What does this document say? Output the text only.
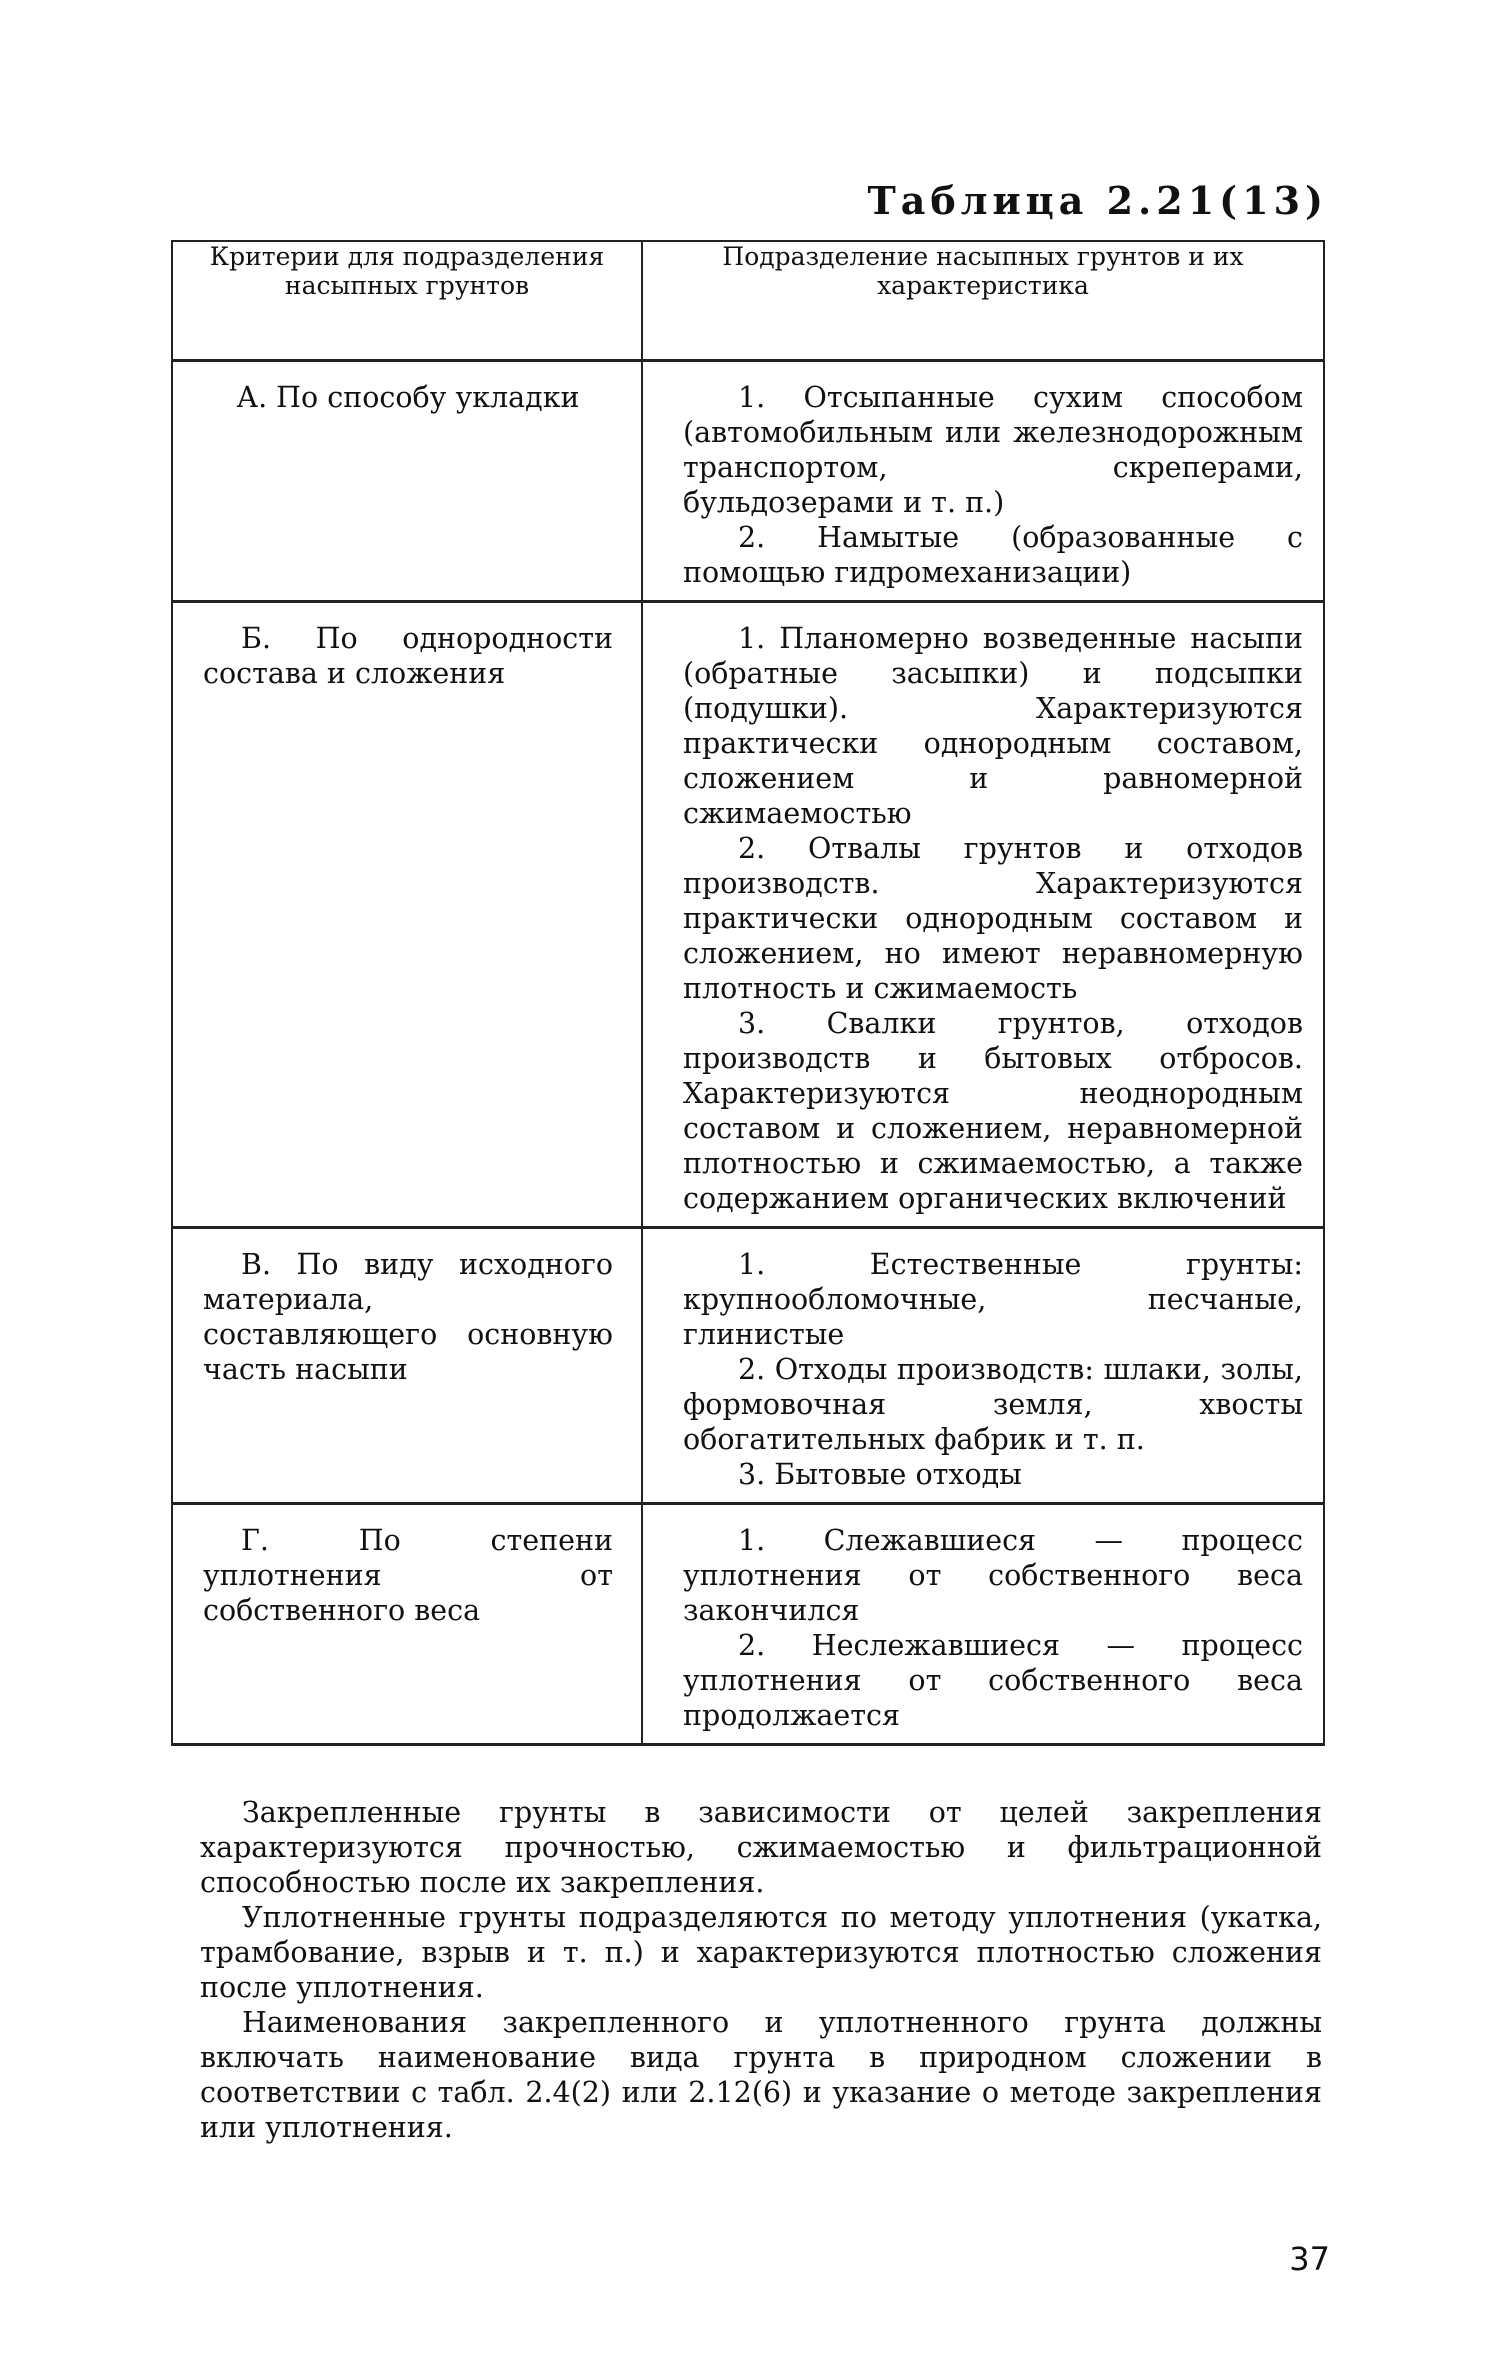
Таблица 2.21(13)
Критерии для подразделения насыпных грунтов	Подразделение насыпных грунтов и их характеристика
А. По способу укладки	1. Отсыпанные сухим способом (автомобильным или железнодорожным транспортом, скреперами, бульдозерами и т. п.)

2. Намытые (образованные с помощью гидромеханизации)

Б. По однородности состава и сложения	1. Планомерно возведенные насыпи (обратные засыпки) и подсыпки (подушки). Характеризуются практически однородным составом, сложением и равномерной сжимаемостью

2. Отвалы грунтов и отходов производств. Характеризуются практически однородным составом и сложением, но имеют неравномерную плотность и сжимаемость

3. Свалки грунтов, отходов производств и бытовых отбросов. Характеризуются неоднородным составом и сложением, неравномерной плотностью и сжимаемостью, а также содержанием органических включений

В. По виду исходного материала, составляющего основную часть насыпи	1. Естественные грунты: крупнообломочные, песчаные, глинистые

2. Отходы производств: шлаки, золы, формовочная земля, хвосты обогатительных фабрик и т. п.

3. Бытовые отходы

Г. По степени уплотнения от собственного веса	1. Слежавшиеся — процесс уплотнения от собственного веса закончился

2. Неслежавшиеся — процесс уплотнения от собственного веса продолжается

Закрепленные грунты в зависимости от целей закрепления характеризуются прочностью, сжимаемостью и фильтрационной способностью после их закрепления.

Уплотненные грунты подразделяются по методу уплотнения (укатка, трамбование, взрыв и т. п.) и характеризуются плотностью сложения после уплотнения.

Наименования закрепленного и уплотненного грунта должны включать наименование вида грунта в природном сложении в соответствии с табл. 2.4(2) или 2.12(6) и указание о методе закрепления или уплотнения.

37
